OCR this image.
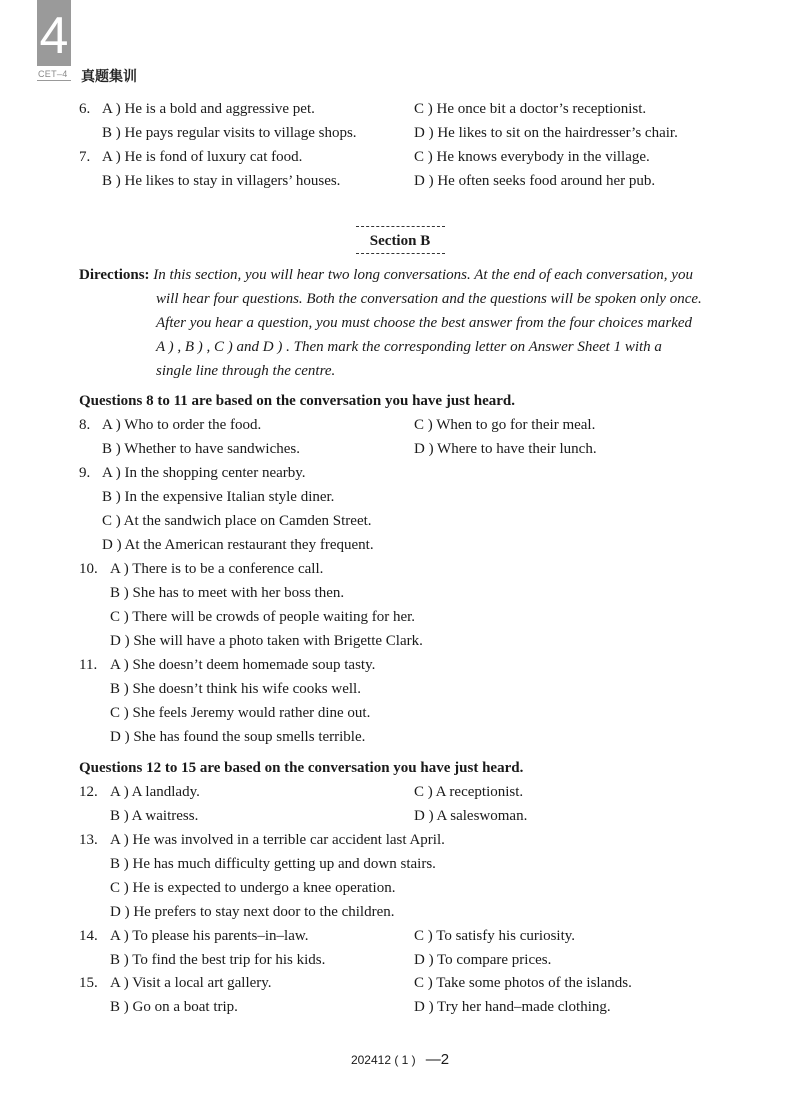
4
CET–4 真题集训
6. A ) He is a bold and aggressive pet.	C ) He once bit a doctor’s receptionist.
B ) He pays regular visits to village shops.	D ) He likes to sit on the hairdresser’s chair.
7. A ) He is fond of luxury cat food.	C ) He knows everybody in the village.
B ) He likes to stay in villagers’ houses.	D ) He often seeks food around her pub.
Section B
Directions: In this section, you will hear two long conversations. At the end of each conversation, you
will hear four questions. Both the conversation and the questions will be spoken only once.
After you hear a question, you must choose the best answer from the four choices marked
A ) , B ) , C ) and D ) . Then mark the corresponding letter on Answer Sheet 1 with a
single line through the centre.
Questions 8 to 11 are based on the conversation you have just heard.
8. A ) Who to order the food.	C ) When to go for their meal.
B ) Whether to have sandwiches.	D ) Where to have their lunch.
9. A ) In the shopping center nearby.
B ) In the expensive Italian style diner.
C ) At the sandwich place on Camden Street.
D ) At the American restaurant they frequent.
10. A ) There is to be a conference call.
B ) She has to meet with her boss then.
C ) There will be crowds of people waiting for her.
D ) She will have a photo taken with Brigette Clark.
11. A ) She doesn’t deem homemade soup tasty.
B ) She doesn’t think his wife cooks well.
C ) She feels Jeremy would rather dine out.
D ) She has found the soup smells terrible.
Questions 12 to 15 are based on the conversation you have just heard.
12. A ) A landlady.	C ) A receptionist.
B ) A waitress.	D ) A saleswoman.
13. A ) He was involved in a terrible car accident last April.
B ) He has much difficulty getting up and down stairs.
C ) He is expected to undergo a knee operation.
D ) He prefers to stay next door to the children.
14. A ) To please his parents–in–law.	C ) To satisfy his curiosity.
B ) To find the best trip for his kids.	D ) To compare prices.
15. A ) Visit a local art gallery.	C ) Take some photos of the islands.
B ) Go on a boat trip.	D ) Try her hand–made clothing.
202412 ( 1 ) —2
